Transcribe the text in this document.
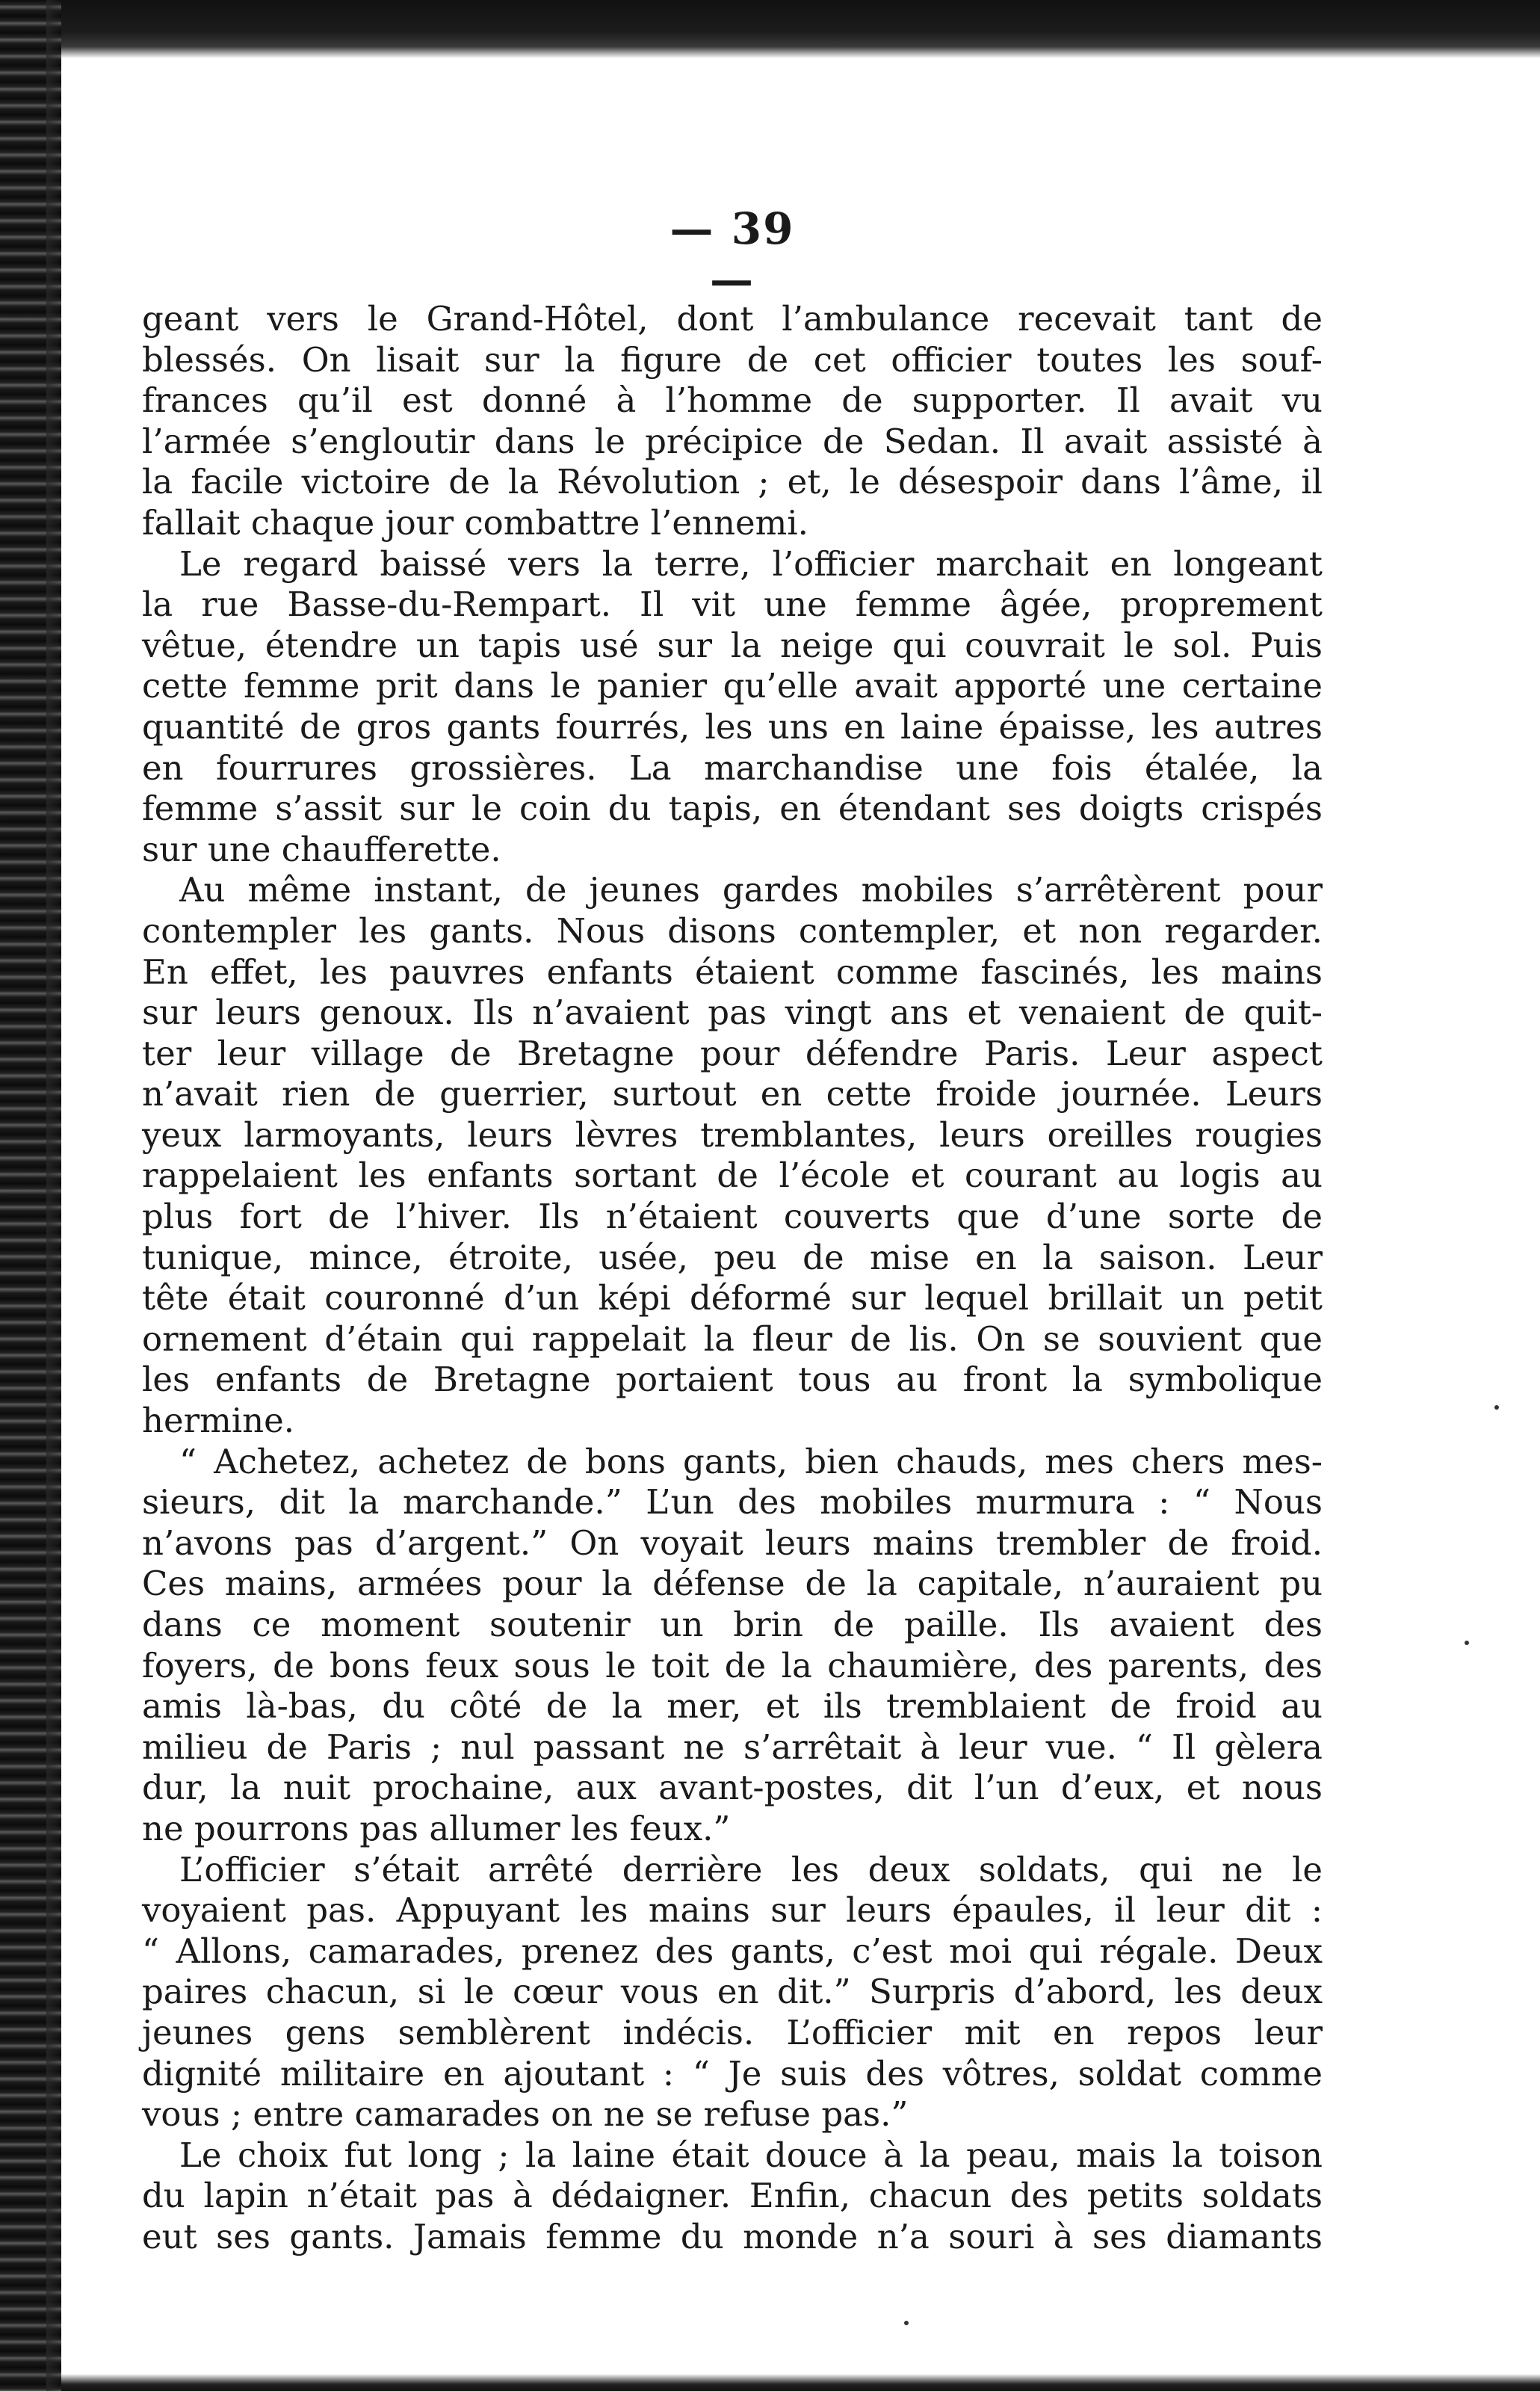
— 39 —
geant vers le Grand-Hôtel, dont l’ambulance recevait tant de
blessés. On lisait sur la figure de cet officier toutes les souf-
frances qu’il est donné à l’homme de supporter. Il avait vu
l’armée s’engloutir dans le précipice de Sedan. Il avait assisté à
la facile victoire de la Révolution ; et, le désespoir dans l’âme, il
fallait chaque jour combattre l’ennemi.
Le regard baissé vers la terre, l’officier marchait en longeant
la rue Basse-du-Rempart. Il vit une femme âgée, proprement
vêtue, étendre un tapis usé sur la neige qui couvrait le sol. Puis
cette femme prit dans le panier qu’elle avait apporté une certaine
quantité de gros gants fourrés, les uns en laine épaisse, les autres
en fourrures grossières. La marchandise une fois étalée, la
femme s’assit sur le coin du tapis, en étendant ses doigts crispés
sur une chaufferette.
Au même instant, de jeunes gardes mobiles s’arrêtèrent pour
contempler les gants. Nous disons contempler, et non regarder.
En effet, les pauvres enfants étaient comme fascinés, les mains
sur leurs genoux. Ils n’avaient pas vingt ans et venaient de quit-
ter leur village de Bretagne pour défendre Paris. Leur aspect
n’avait rien de guerrier, surtout en cette froide journée. Leurs
yeux larmoyants, leurs lèvres tremblantes, leurs oreilles rougies
rappelaient les enfants sortant de l’école et courant au logis au
plus fort de l’hiver. Ils n’étaient couverts que d’une sorte de
tunique, mince, étroite, usée, peu de mise en la saison. Leur
tête était couronné d’un képi déformé sur lequel brillait un petit
ornement d’étain qui rappelait la fleur de lis. On se souvient que
les enfants de Bretagne portaient tous au front la symbolique
hermine.
“ Achetez, achetez de bons gants, bien chauds, mes chers mes-
sieurs, dit la marchande.” L’un des mobiles murmura : “ Nous
n’avons pas d’argent.” On voyait leurs mains trembler de froid.
Ces mains, armées pour la défense de la capitale, n’auraient pu
dans ce moment soutenir un brin de paille. Ils avaient des
foyers, de bons feux sous le toit de la chaumière, des parents, des
amis là-bas, du côté de la mer, et ils tremblaient de froid au
milieu de Paris ; nul passant ne s’arrêtait à leur vue. “ Il gèlera
dur, la nuit prochaine, aux avant-postes, dit l’un d’eux, et nous
ne pourrons pas allumer les feux.”
L’officier s’était arrêté derrière les deux soldats, qui ne le
voyaient pas. Appuyant les mains sur leurs épaules, il leur dit :
“ Allons, camarades, prenez des gants, c’est moi qui régale. Deux
paires chacun, si le cœur vous en dit.” Surpris d’abord, les deux
jeunes gens semblèrent indécis. L’officier mit en repos leur
dignité militaire en ajoutant : “ Je suis des vôtres, soldat comme
vous ; entre camarades on ne se refuse pas.”
Le choix fut long ; la laine était douce à la peau, mais la toison
du lapin n’était pas à dédaigner. Enfin, chacun des petits soldats
eut ses gants. Jamais femme du monde n’a souri à ses diamants
